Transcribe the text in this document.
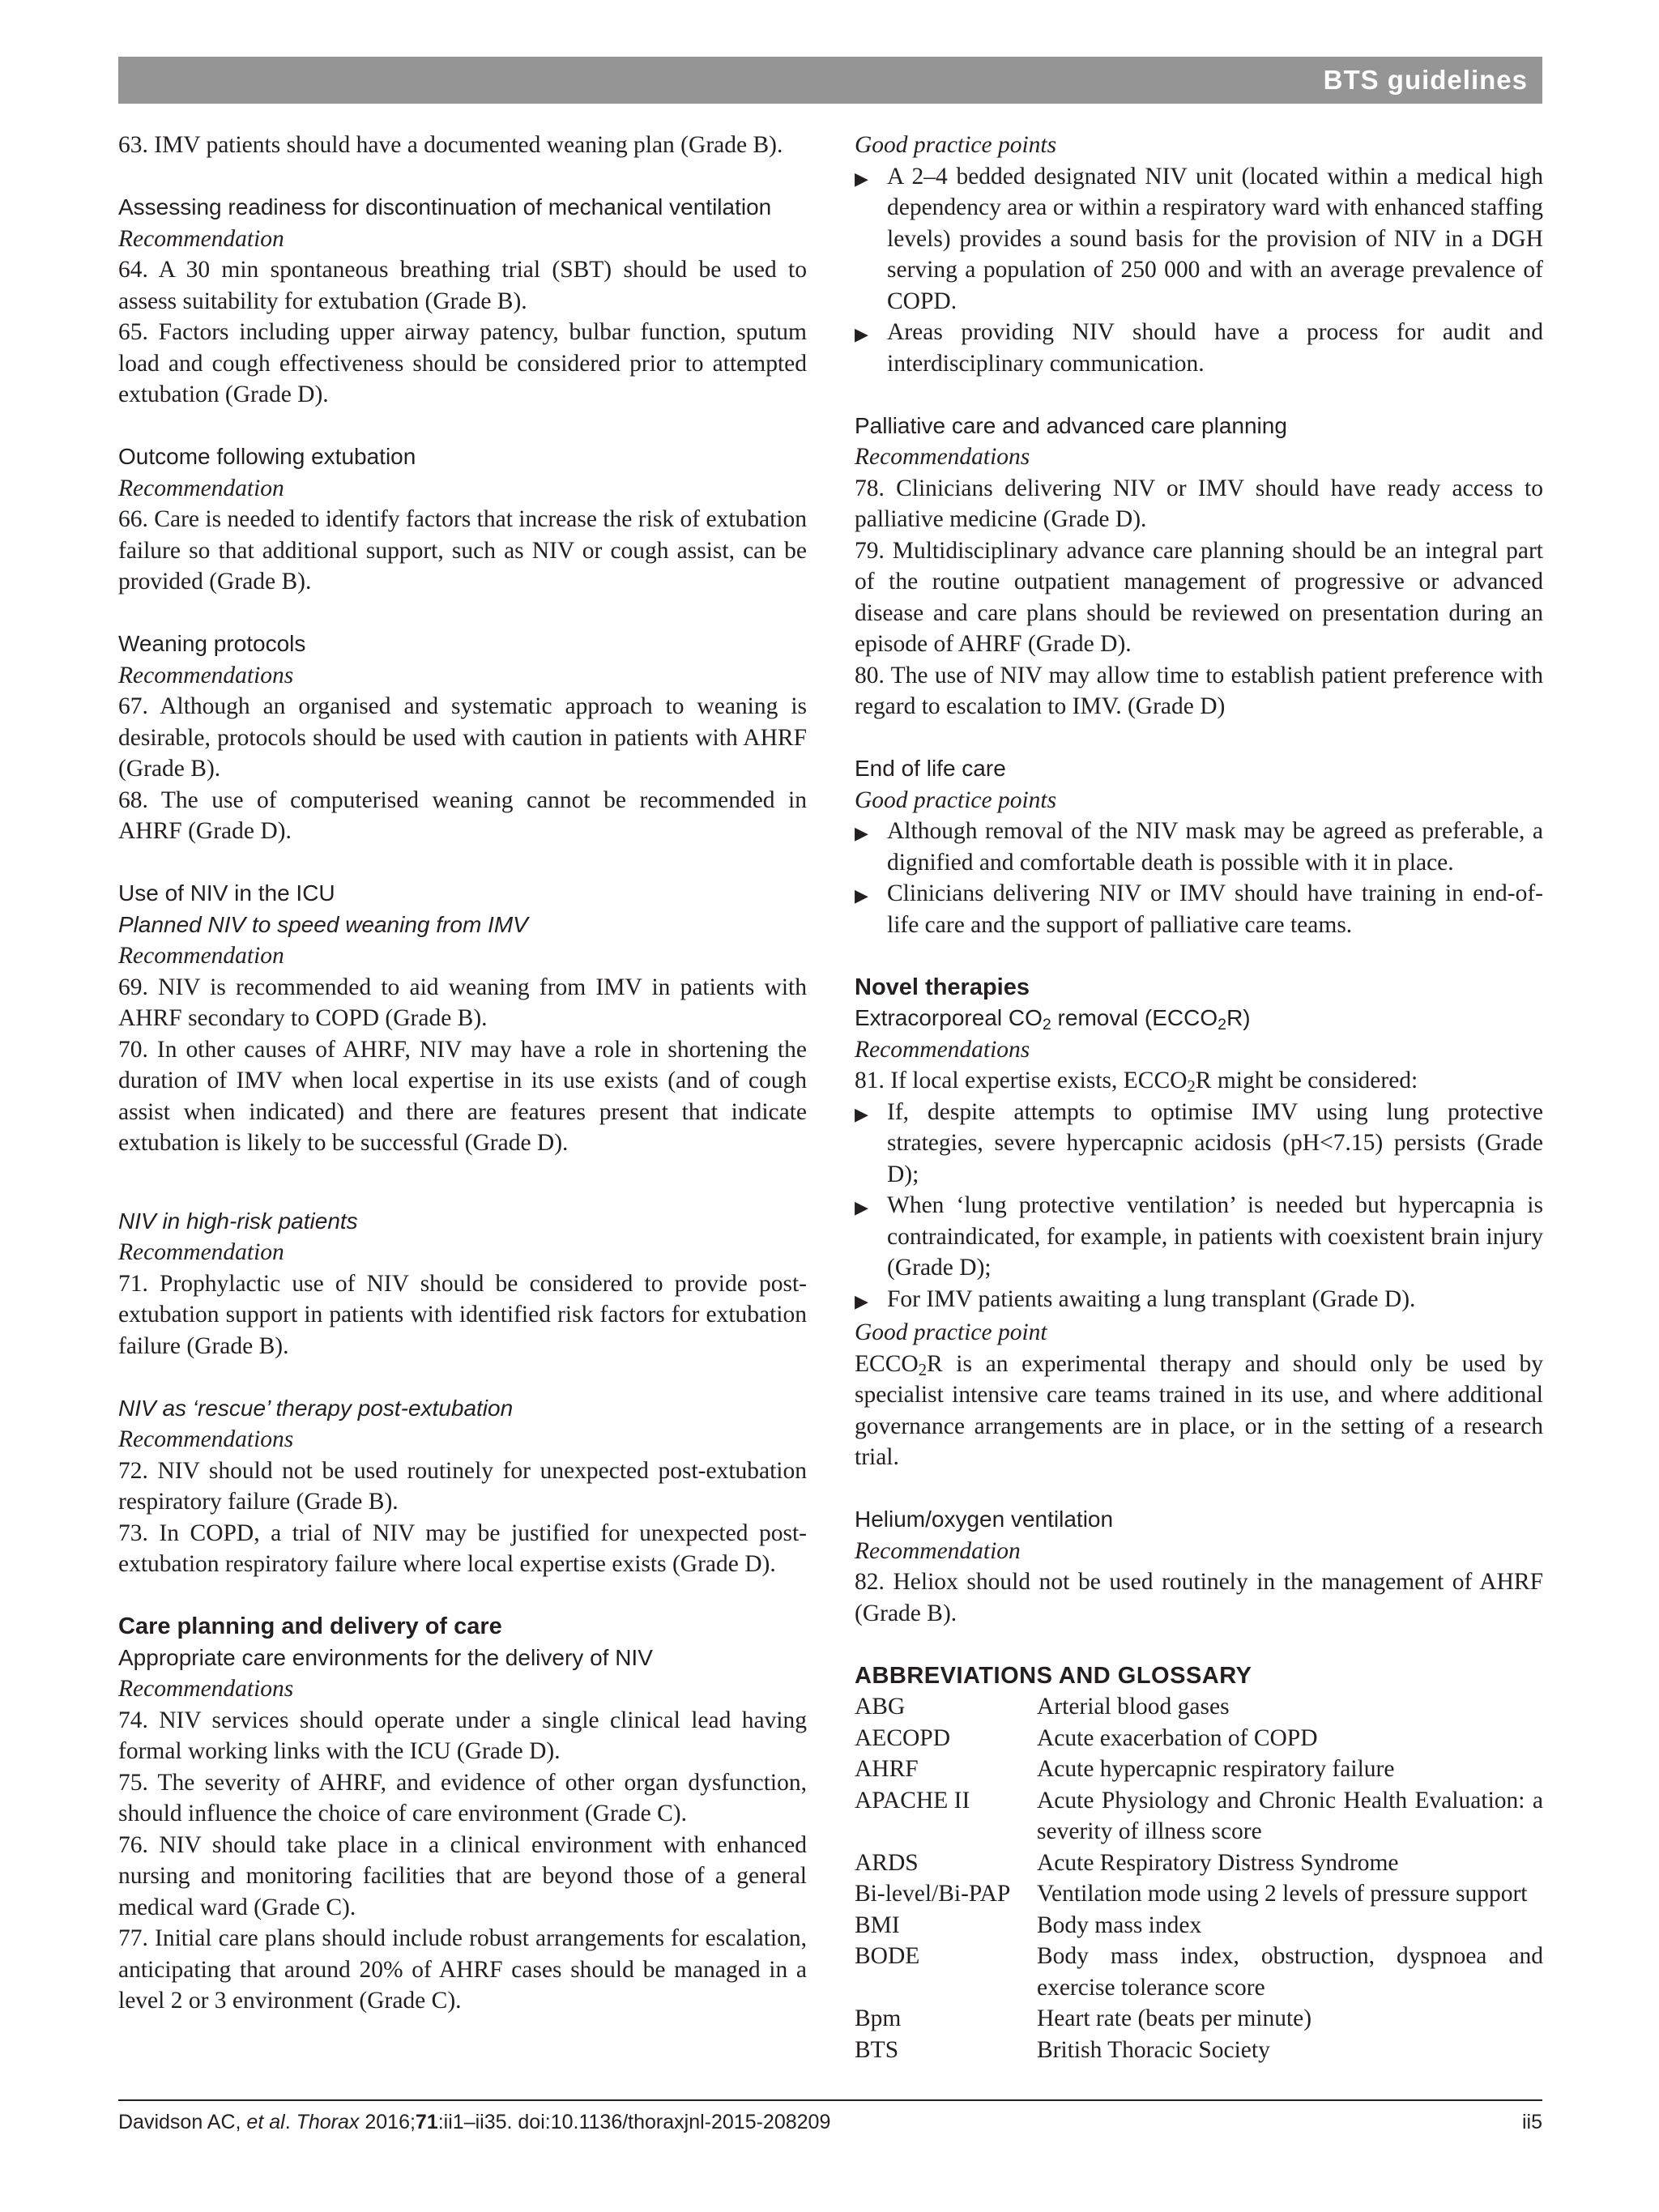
BTS guidelines
63. IMV patients should have a documented weaning plan (Grade B).
Assessing readiness for discontinuation of mechanical ventilation
Recommendation
64. A 30 min spontaneous breathing trial (SBT) should be used to assess suitability for extubation (Grade B).
65. Factors including upper airway patency, bulbar function, sputum load and cough effectiveness should be considered prior to attempted extubation (Grade D).
Outcome following extubation
Recommendation
66. Care is needed to identify factors that increase the risk of extubation failure so that additional support, such as NIV or cough assist, can be provided (Grade B).
Weaning protocols
Recommendations
67. Although an organised and systematic approach to weaning is desirable, protocols should be used with caution in patients with AHRF (Grade B).
68. The use of computerised weaning cannot be recommended in AHRF (Grade D).
Use of NIV in the ICU
Planned NIV to speed weaning from IMV
Recommendation
69. NIV is recommended to aid weaning from IMV in patients with AHRF secondary to COPD (Grade B).
70. In other causes of AHRF, NIV may have a role in shortening the duration of IMV when local expertise in its use exists (and of cough assist when indicated) and there are features present that indicate extubation is likely to be successful (Grade D).
NIV in high-risk patients
Recommendation
71. Prophylactic use of NIV should be considered to provide post-extubation support in patients with identified risk factors for extubation failure (Grade B).
NIV as ‘rescue’ therapy post-extubation
Recommendations
72. NIV should not be used routinely for unexpected post-extubation respiratory failure (Grade B).
73. In COPD, a trial of NIV may be justified for unexpected post-extubation respiratory failure where local expertise exists (Grade D).
Care planning and delivery of care
Appropriate care environments for the delivery of NIV
Recommendations
74. NIV services should operate under a single clinical lead having formal working links with the ICU (Grade D).
75. The severity of AHRF, and evidence of other organ dysfunction, should influence the choice of care environment (Grade C).
76. NIV should take place in a clinical environment with enhanced nursing and monitoring facilities that are beyond those of a general medical ward (Grade C).
77. Initial care plans should include robust arrangements for escalation, anticipating that around 20% of AHRF cases should be managed in a level 2 or 3 environment (Grade C).
Good practice points
▶ A 2–4 bedded designated NIV unit (located within a medical high dependency area or within a respiratory ward with enhanced staffing levels) provides a sound basis for the provision of NIV in a DGH serving a population of 250 000 and with an average prevalence of COPD.
▶ Areas providing NIV should have a process for audit and interdisciplinary communication.
Palliative care and advanced care planning
Recommendations
78. Clinicians delivering NIV or IMV should have ready access to palliative medicine (Grade D).
79. Multidisciplinary advance care planning should be an integral part of the routine outpatient management of progressive or advanced disease and care plans should be reviewed on presentation during an episode of AHRF (Grade D).
80. The use of NIV may allow time to establish patient preference with regard to escalation to IMV. (Grade D)
End of life care
Good practice points
▶ Although removal of the NIV mask may be agreed as preferable, a dignified and comfortable death is possible with it in place.
▶ Clinicians delivering NIV or IMV should have training in end-of-life care and the support of palliative care teams.
Novel therapies
Extracorporeal $CO_2$ removal $(ECCO_2R)$
Recommendations
81. If local expertise exists, $ECCO_2R$ might be considered:
▶ If, despite attempts to optimise IMV using lung protective strategies, severe hypercapnic acidosis (pH<7.15) persists (Grade D);
▶ When ‘lung protective ventilation’ is needed but hypercapnia is contraindicated, for example, in patients with coexistent brain injury (Grade D);
▶ For IMV patients awaiting a lung transplant (Grade D).
Good practice point
$ECCO_2R$ is an experimental therapy and should only be used by specialist intensive care teams trained in its use, and where additional governance arrangements are in place, or in the setting of a research trial.
Helium/oxygen ventilation
Recommendation
82. Heliox should not be used routinely in the management of AHRF (Grade B).
ABBREVIATIONS AND GLOSSARY
ABG	Arterial blood gases
AECOPD	Acute exacerbation of COPD
AHRF	Acute hypercapnic respiratory failure
APACHE II	Acute Physiology and Chronic Health Evaluation: a severity of illness score
ARDS	Acute Respiratory Distress Syndrome
Bi-level/Bi-PAP	Ventilation mode using 2 levels of pressure support
BMI	Body mass index
BODE	Body mass index, obstruction, dyspnoea and exercise tolerance score
Bpm	Heart rate (beats per minute)
BTS	British Thoracic Society
Davidson AC, et al. Thorax 2016;71:ii1–ii35. doi:10.1136/thoraxjnl-2015-208209	ii5
